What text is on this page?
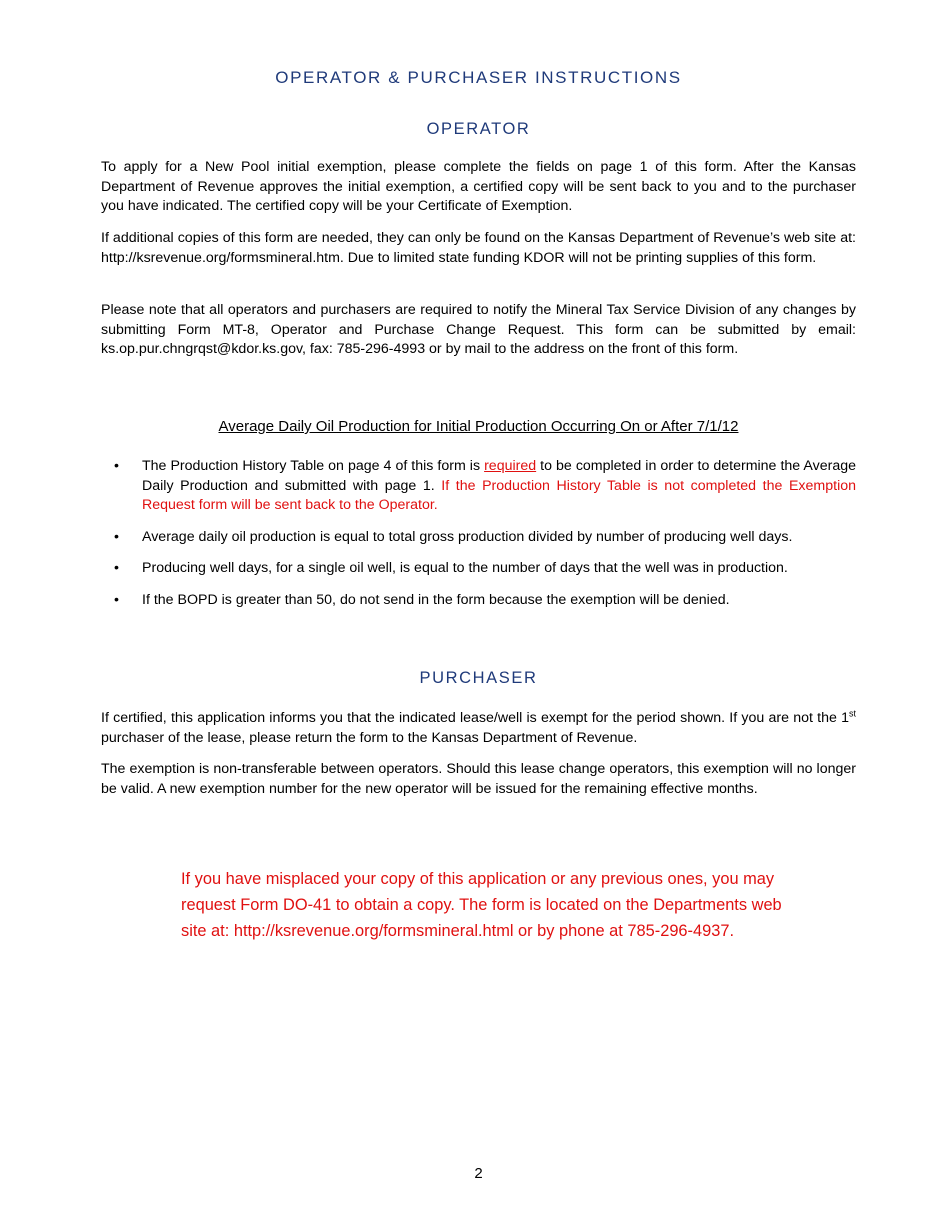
OPERATOR & PURCHASER INSTRUCTIONS
OPERATOR
To apply for a New Pool initial exemption, please complete the fields on page 1 of this form. After the Kansas Department of Revenue approves the initial exemption, a certified copy will be sent back to you and to the purchaser you have indicated. The certified copy will be your Certificate of Exemption.
If additional copies of this form are needed, they can only be found on the Kansas Department of Revenue’s web site at: http://ksrevenue.org/formsmineral.htm. Due to limited state funding KDOR will not be printing supplies of this form.
Please note that all operators and purchasers are required to notify the Mineral Tax Service Division of any changes by submitting Form MT-8, Operator and Purchase Change Request. This form can be submitted by email: ks.op.pur.chngrqst@kdor.ks.gov, fax: 785-296-4993 or by mail to the address on the front of this form.
Average Daily Oil Production for Initial Production Occurring On or After 7/1/12
• The Production History Table on page 4 of this form is required to be completed in order to determine the Average Daily Production and submitted with page 1. If the Production History Table is not completed the Exemption Request form will be sent back to the Operator.
• Average daily oil production is equal to total gross production divided by number of producing well days.
• Producing well days, for a single oil well, is equal to the number of days that the well was in production.
• If the BOPD is greater than 50, do not send in the form because the exemption will be denied.
PURCHASER
If certified, this application informs you that the indicated lease/well is exempt for the period shown. If you are not the 1st purchaser of the lease, please return the form to the Kansas Department of Revenue.
The exemption is non-transferable between operators. Should this lease change operators, this exemption will no longer be valid. A new exemption number for the new operator will be issued for the remaining effective months.
If you have misplaced your copy of this application or any previous ones, you may request Form DO-41 to obtain a copy. The form is located on the Departments web site at: http://ksrevenue.org/formsmineral.html or by phone at 785-296-4937.
2
